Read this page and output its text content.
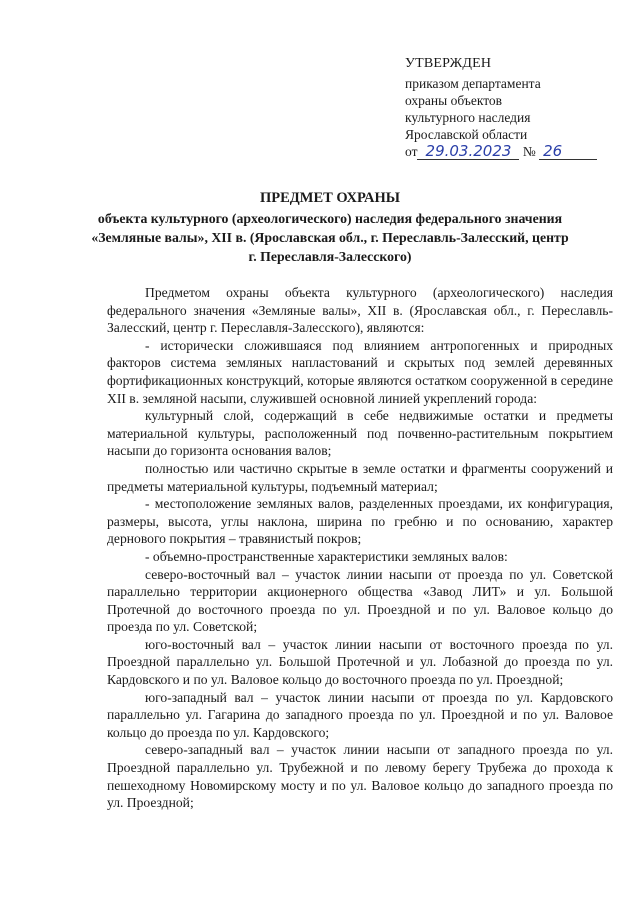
УТВЕРЖДЕН
приказом департамента
охраны объектов
культурного наследия
Ярославской области
от 29.03.2023 № 26
ПРЕДМЕТ ОХРАНЫ
объекта культурного (археологического) наследия федерального значения «Земляные валы», XII в. (Ярославская обл., г. Переславль-Залесский, центр г. Переславля-Залесского)

Предметом охраны объекта культурного (археологического) наследия федерального значения «Земляные валы», XII в. (Ярославская обл., г. Переславль-Залесский, центр г. Переславля-Залесского), являются:

- исторически сложившаяся под влиянием антропогенных и природных факторов система земляных напластований и скрытых под землей деревянных фортификационных конструкций, которые являются остатком сооруженной в середине XII в. земляной насыпи, служившей основной линией укреплений города:

культурный слой, содержащий в себе недвижимые остатки и предметы материальной культуры, расположенный под почвенно-растительным покрытием насыпи до горизонта основания валов;

полностью или частично скрытые в земле остатки и фрагменты сооружений и предметы материальной культуры, подъемный материал;

- местоположение земляных валов, разделенных проездами, их конфигурация, размеры, высота, углы наклона, ширина по гребню и по основанию, характер дернового покрытия – травянистый покров;

- объемно-пространственные характеристики земляных валов:

северо-восточный вал – участок линии насыпи от проезда по ул. Советской параллельно территории акционерного общества «Завод ЛИТ» и ул. Большой Протечной до восточного проезда по ул. Проездной и по ул. Валовое кольцо до проезда по ул. Советской;

юго-восточный вал – участок линии насыпи от восточного проезда по ул. Проездной параллельно ул. Большой Протечной и ул. Лобазной до проезда по ул. Кардовского и по ул. Валовое кольцо до восточного проезда по ул. Проездной;

юго-западный вал – участок линии насыпи от проезда по ул. Кардовского параллельно ул. Гагарина до западного проезда по ул. Проездной и по ул. Валовое кольцо до проезда по ул. Кардовского;

северо-западный вал – участок линии насыпи от западного проезда по ул. Проездной параллельно ул. Трубежной и по левому берегу Трубежа до прохода к пешеходному Новомирскому мосту и по ул. Валовое кольцо до западного проезда по ул. Проездной;
